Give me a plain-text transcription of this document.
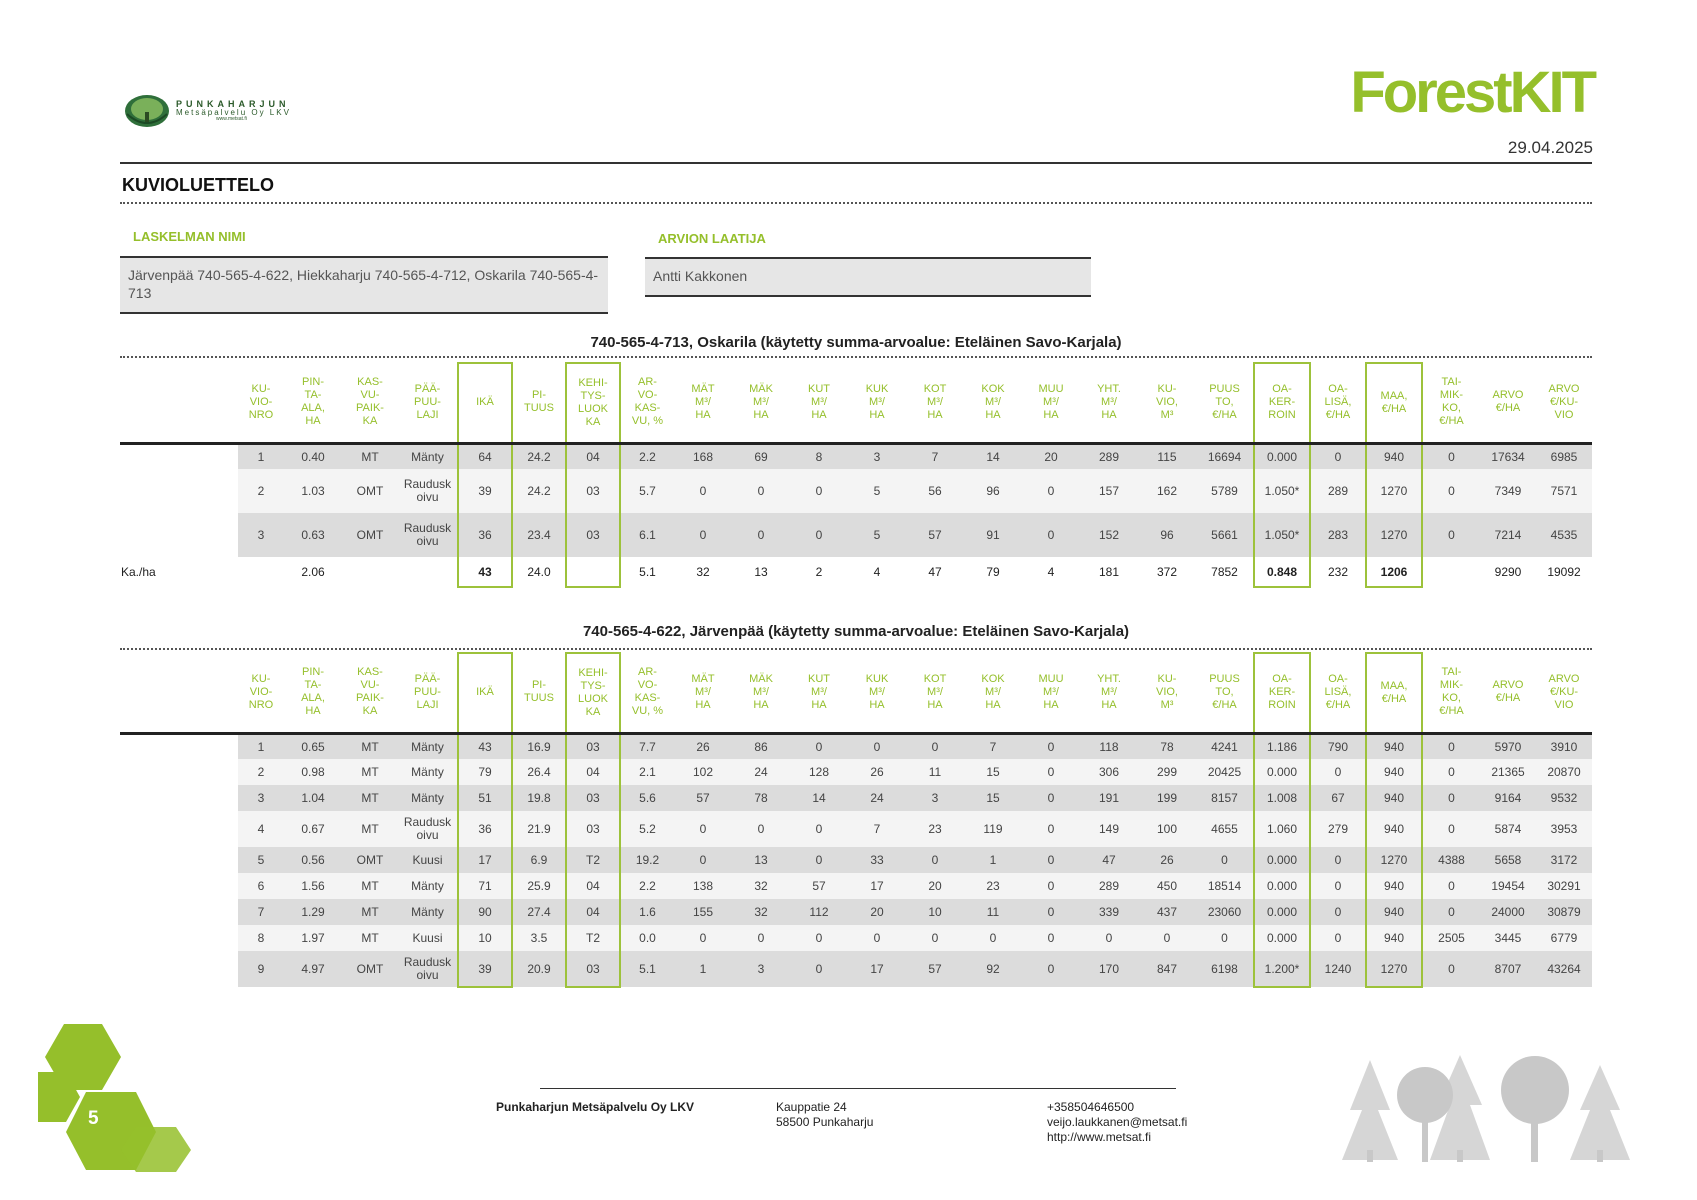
PUNKAHARJUN
Metsäpalvelu Oy LKV
www.metsat.fi	ForestKIT
29.04.2025
KUVIOLUETTELO
LASKELMAN NIMI
Järvenpää 740-565-4-622, Hiekkaharju 740-565-4-712, Oskarila 740-565-4-713
ARVION LAATIJA
Antti Kakkonen
740-565-4-713, Oskarila (käytetty summa-arvoalue: Eteläinen Savo-Karjala)
	KU-
VIO-
NRO	PIN-
TA-
ALA,
HA	KAS-
VU-
PAIK-
KA	PÄÄ-
PUU-
LAJI	IKÄ	PI-
TUUS	KEHI-
TYS-
LUOK
KA	AR-
VO-
KAS-
VU, %	MÄT
M³/
HA	MÄK
M³/
HA	KUT
M³/
HA	KUK
M³/
HA	KOT
M³/
HA	KOK
M³/
HA	MUU
M³/
HA	YHT.
M³/
HA	KU-
VIO,
M³	PUUS
TO,
€/HA	OA-
KER-
ROIN	OA-
LISÄ,
€/HA	MAA,
€/HA	TAI-
MIK-
KO,
€/HA	ARVO
€/HA	ARVO
€/KU-
VIO
	1	0.40	MT	Mänty	64	24.2	04	2.2	168	69	8	3	7	14	20	289	115	16694	0.000	0	940	0	17634	6985
	2	1.03	OMT	Raudusk oivu	39	24.2	03	5.7	0	0	0	5	56	96	0	157	162	5789	1.050*	289	1270	0	7349	7571
	3	0.63	OMT	Raudusk oivu	36	23.4	03	6.1	0	0	0	5	57	91	0	152	96	5661	1.050*	283	1270	0	7214	4535
Ka./ha		2.06			43	24.0		5.1	32	13	2	4	47	79	4	181	372	7852	0.848	232	1206		9290	19092
740-565-4-622, Järvenpää (käytetty summa-arvoalue: Eteläinen Savo-Karjala)
	KU-
VIO-
NRO	PIN-
TA-
ALA,
HA	KAS-
VU-
PAIK-
KA	PÄÄ-
PUU-
LAJI	IKÄ	PI-
TUUS	KEHI-
TYS-
LUOK
KA	AR-
VO-
KAS-
VU, %	MÄT
M³/
HA	MÄK
M³/
HA	KUT
M³/
HA	KUK
M³/
HA	KOT
M³/
HA	KOK
M³/
HA	MUU
M³/
HA	YHT.
M³/
HA	KU-
VIO,
M³	PUUS
TO,
€/HA	OA-
KER-
ROIN	OA-
LISÄ,
€/HA	MAA,
€/HA	TAI-
MIK-
KO,
€/HA	ARVO
€/HA	ARVO
€/KU-
VIO
	1	0.65	MT	Mänty	43	16.9	03	7.7	26	86	0	0	0	7	0	118	78	4241	1.186	790	940	0	5970	3910
	2	0.98	MT	Mänty	79	26.4	04	2.1	102	24	128	26	11	15	0	306	299	20425	0.000	0	940	0	21365	20870
	3	1.04	MT	Mänty	51	19.8	03	5.6	57	78	14	24	3	15	0	191	199	8157	1.008	67	940	0	9164	9532
	4	0.67	MT	Raudusk oivu	36	21.9	03	5.2	0	0	0	7	23	119	0	149	100	4655	1.060	279	940	0	5874	3953
	5	0.56	OMT	Kuusi	17	6.9	T2	19.2	0	13	0	33	0	1	0	47	26	0	0.000	0	1270	4388	5658	3172
	6	1.56	MT	Mänty	71	25.9	04	2.2	138	32	57	17	20	23	0	289	450	18514	0.000	0	940	0	19454	30291
	7	1.29	MT	Mänty	90	27.4	04	1.6	155	32	112	20	10	11	0	339	437	23060	0.000	0	940	0	24000	30879
	8	1.97	MT	Kuusi	10	3.5	T2	0.0	0	0	0	0	0	0	0	0	0	0	0.000	0	940	2505	3445	6779
	9	4.97	OMT	Raudusk oivu	39	20.9	03	5.1	1	3	0	17	57	92	0	170	847	6198	1.200*	1240	1270	0	8707	43264
5
Punkaharjun Metsäpalvelu Oy LKV	Kauppatie 24
58500 Punkaharju
+358504646500
veijo.laukkanen@metsat.fi
http://www.metsat.fi
